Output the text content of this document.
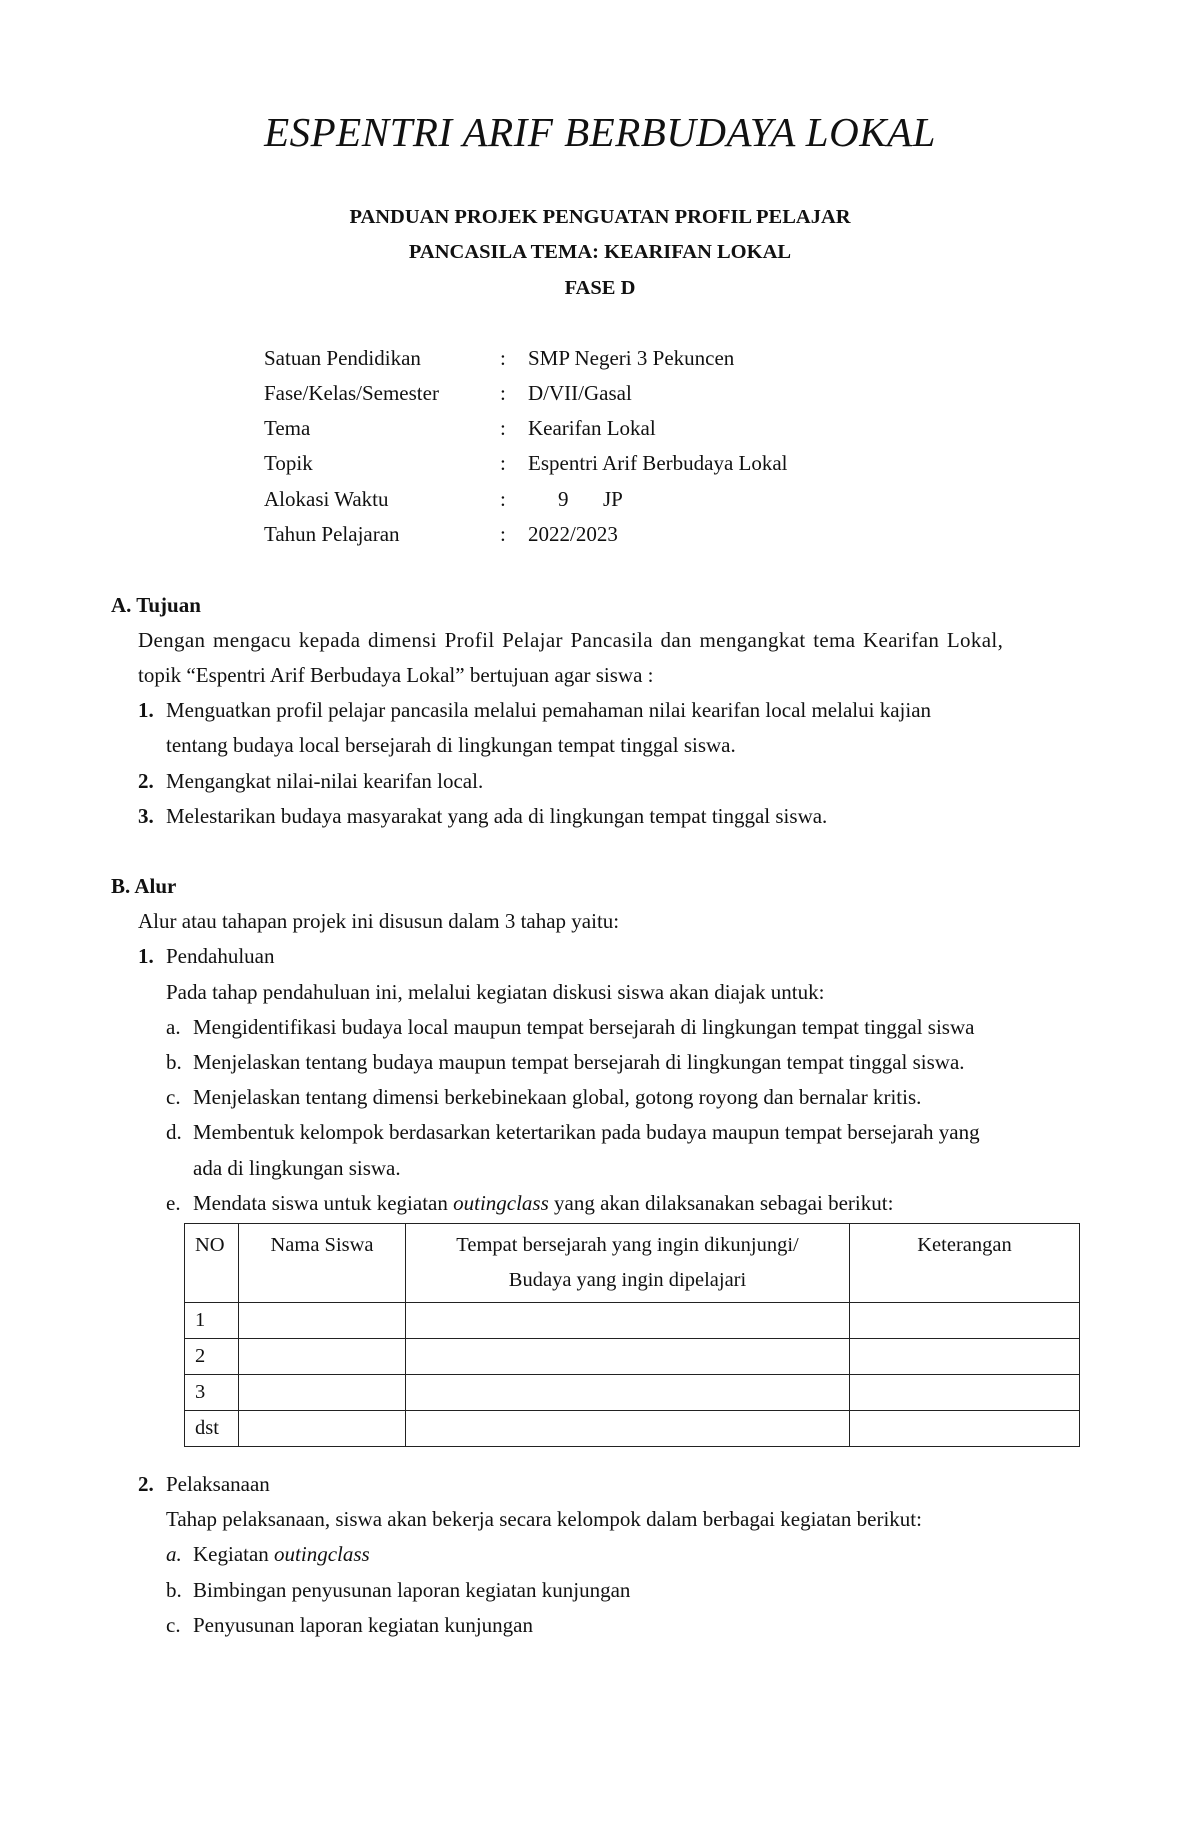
ESPENTRI ARIF BERBUDAYA LOKAL
PANDUAN PROJEK PENGUATAN PROFIL PELAJAR
PANCASILA TEMA: KEARIFAN LOKAL
FASE D
Satuan Pendidikan	: SMP Negeri 3 Pekuncen
Fase/Kelas/Semester	: D/VII/Gasal
Tema	: Kearifan Lokal
Topik	: Espentri Arif Berbudaya Lokal
Alokasi Waktu	: 9 JP
Tahun Pelajaran	: 2022/2023
A. Tujuan
Dengan mengacu kepada dimensi Profil Pelajar Pancasila dan mengangkat tema Kearifan Lokal,
topik “Espentri Arif Berbudaya Lokal” bertujuan agar siswa :
1. Menguatkan profil pelajar pancasila melalui pemahaman nilai kearifan local melalui kajian
tentang budaya local bersejarah di lingkungan tempat tinggal siswa.
2. Mengangkat nilai-nilai kearifan local.
3. Melestarikan budaya masyarakat yang ada di lingkungan tempat tinggal siswa.
B. Alur
Alur atau tahapan projek ini disusun dalam 3 tahap yaitu:
1. Pendahuluan
Pada tahap pendahuluan ini, melalui kegiatan diskusi siswa akan diajak untuk:
a. Mengidentifikasi budaya local maupun tempat bersejarah di lingkungan tempat tinggal siswa
b. Menjelaskan tentang budaya maupun tempat bersejarah di lingkungan tempat tinggal siswa.
c. Menjelaskan tentang dimensi berkebinekaan global, gotong royong dan bernalar kritis.
d. Membentuk kelompok berdasarkan ketertarikan pada budaya maupun tempat bersejarah yang
ada di lingkungan siswa.
e. Mendata siswa untuk kegiatan outingclass yang akan dilaksanakan sebagai berikut:
NO	Nama Siswa	Tempat bersejarah yang ingin dikunjungi/
Budaya yang ingin dipelajari	Keterangan
1			
2			
3			
dst			
2. Pelaksanaan
Tahap pelaksanaan, siswa akan bekerja secara kelompok dalam berbagai kegiatan berikut:
a. Kegiatan outingclass
b. Bimbingan penyusunan laporan kegiatan kunjungan
c. Penyusunan laporan kegiatan kunjungan
